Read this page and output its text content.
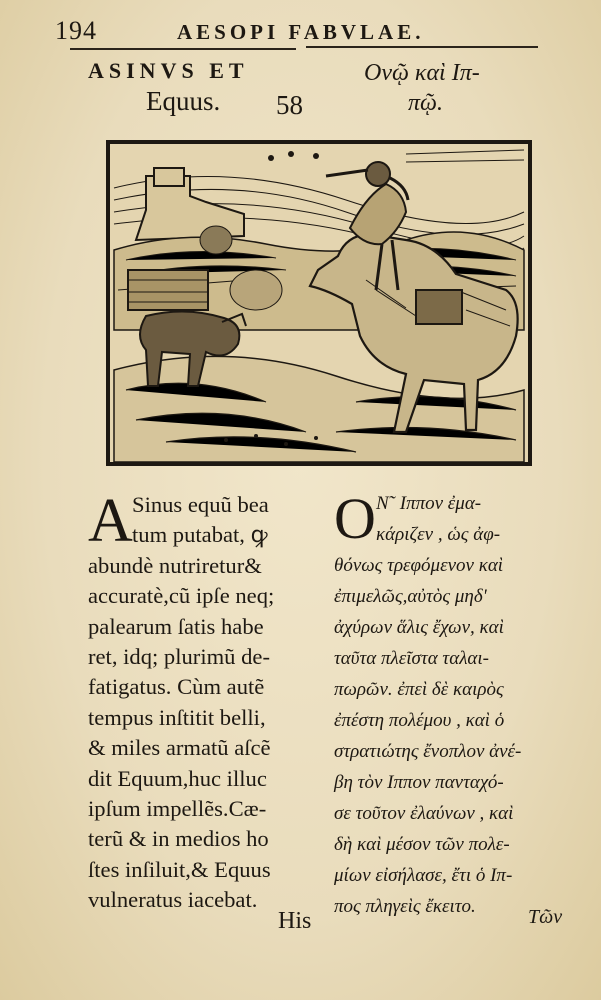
194	AESOPI FABVLAE.
ASINVS ET
Equus.	58
Ονῷ καὶ Ιπ-
πῷ.
A Sinus equũ bea
tum putabat, ꝙ
abundè nutriretur&
accuratè,cũ ipſe neq;
palearum ſatis habe
ret, idq; plurimũ de-
fatigatus. Cùm autẽ
tempus inſtitit belli,
& miles armatũ aſcẽ
dit Equum,huc illuc
ipſum impellẽs.Cæ-
terũ & in medios ho
ſtes inſiluit,& Equus
vulneratus iacebat.
His
O Ν῀ Ιππον ἐμα-
κάριζεν , ὡς ἀφ-
θόνως τρεφόμενον καὶ
ἐπιμελῶς,αὐτὸς μηδ'
ἀχύρων ἅλις ἔχων, καὶ
ταῦτα πλεῖστα ταλαι-
πωρῶν. ἐπεὶ δὲ καιρὸς
ἐπέστη πολέμου , καὶ ὁ
στρατιώτης ἔνοπλον ἀνέ-
βη τὸν Ιππον πανταχό-
σε τοῦτον ἐλαύνων , καὶ
δὴ καὶ μέσον τῶν πολε-
μίων εἰσήλασε, ἔτι ὁ Ιπ-
πος πληγεὶς ἔκειτο.	Τῶν
